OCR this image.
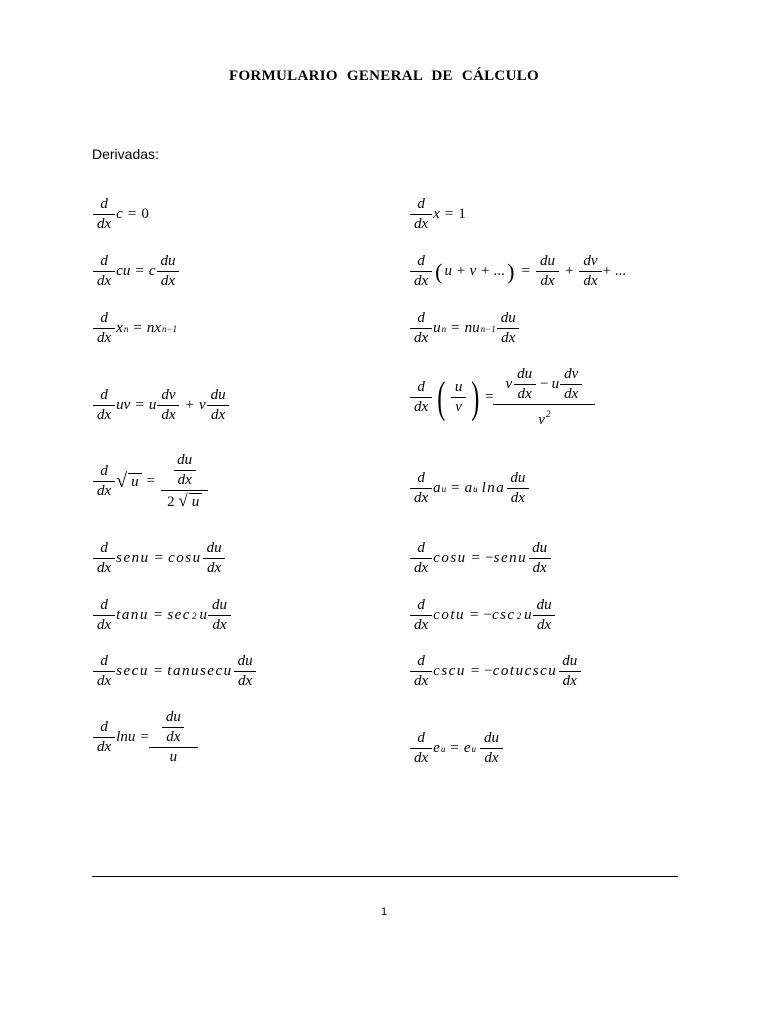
FORMULARIO GENERAL DE CÁLCULO
Derivadas:
$\frac{d}{dx}$ c = 0	$\frac{d}{dx}$ x = 1
$\frac{d}{dx}$ cu = c $\frac{du}{dx}$	$\frac{d}{dx}$ ( u + v + ... ) = $\frac{du}{dx} + \frac{dv}{dx}$ + ...
$\frac{d}{dx}$ x n = nx n−1	$\frac{d}{dx}$ u n = nu $n-1 \frac{du}{dx}$
$\frac{d}{dx}$ uv = u $\frac{dv}{dx} + v \frac{du}{dx}$	$\frac{d}{dx}$ ( $\frac{u}{v}$ ) = $\frac{v \frac{du}{dx} - u \frac{dv}{dx}}{v^2}$
$\frac{d}{dx}$ √ $u = \frac{\frac{du}{dx}}{2 √ u}$	$\frac{d}{dx}$ a u = a u lna $\frac{du}{dx}$
$\frac{d}{dx}$ senu = cosu $\frac{du}{dx}$	$\frac{d}{dx}$ cosu = − senu $\frac{du}{dx}$
$\frac{d}{dx}$ tanu = sec 2 u $\frac{du}{dx}$	$\frac{d}{dx}$ cotu = − csc 2 u $\frac{du}{dx}$
$\frac{d}{dx}$ secu = tanusecu $\frac{du}{dx}$	$\frac{d}{dx}$ cscu = − cotucscu $\frac{du}{dx}$
$\frac{d}{dx}$ $\ln u = \frac{\frac{du}{dx}}{u}$	$\frac{d}{dx}$ e u = e u $\frac{du}{dx}$
1
